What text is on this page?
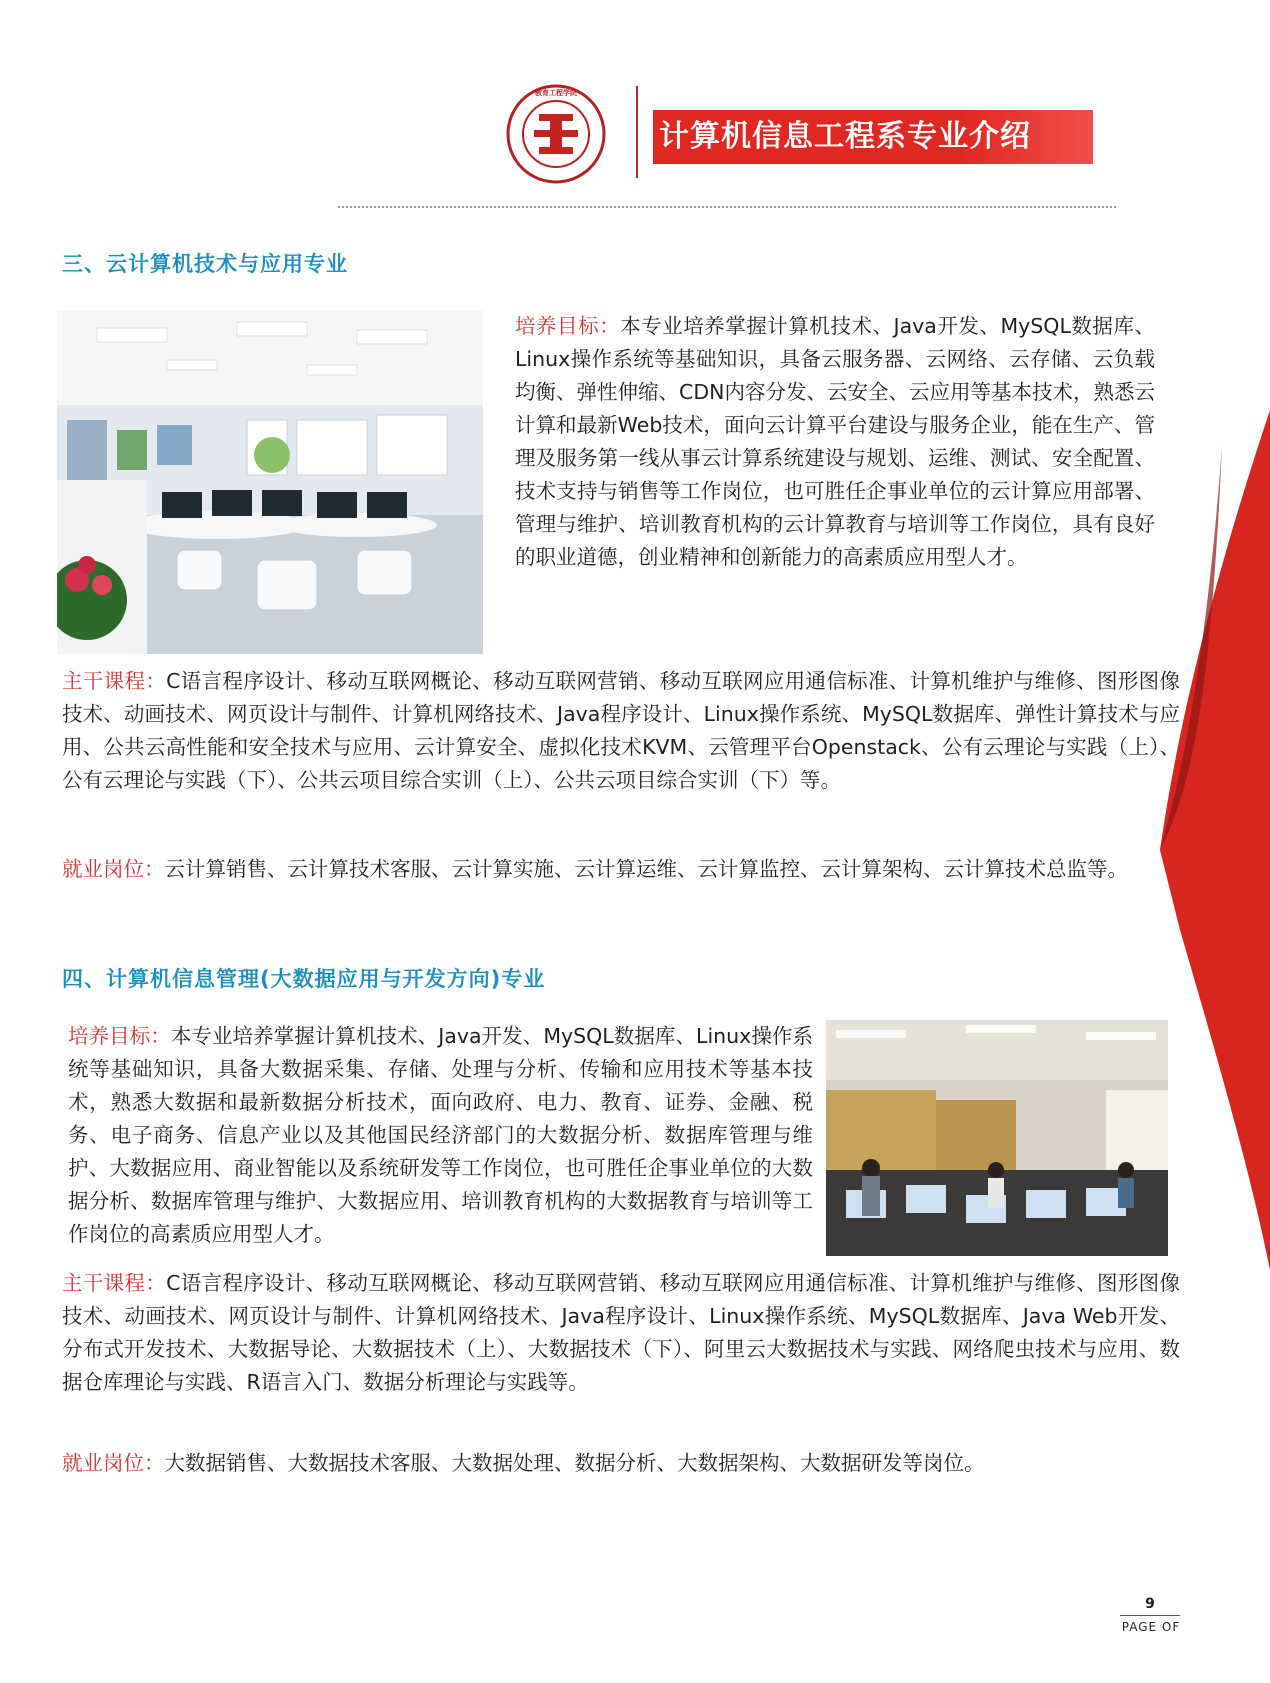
教育工程学院
计算机信息工程系专业介绍
三、云计算机技术与应用专业
培养目标：本专业培养掌握计算机技术、Java开发、MySQL数据库、Linux操作系统等基础知识，具备云服务器、云网络、云存储、云负载均衡、弹性伸缩、CDN内容分发、云安全、云应用等基本技术，熟悉云计算和最新Web技术，面向云计算平台建设与服务企业，能在生产、管理及服务第一线从事云计算系统建设与规划、运维、测试、安全配置、技术支持与销售等工作岗位，也可胜任企事业单位的云计算应用部署、管理与维护、培训教育机构的云计算教育与培训等工作岗位，具有良好的职业道德，创业精神和创新能力的高素质应用型人才。
主干课程：C语言程序设计、移动互联网概论、移动互联网营销、移动互联网应用通信标准、计算机维护与维修、图形图像技术、动画技术、网页设计与制件、计算机网络技术、Java程序设计、Linux操作系统、MySQL数据库、弹性计算技术与应用、公共云高性能和安全技术与应用、云计算安全、虚拟化技术KVM、云管理平台Openstack、公有云理论与实践（上）、公有云理论与实践（下）、公共云项目综合实训（上）、公共云项目综合实训（下）等。
就业岗位：云计算销售、云计算技术客服、云计算实施、云计算运维、云计算监控、云计算架构、云计算技术总监等。
四、计算机信息管理(大数据应用与开发方向)专业
培养目标：本专业培养掌握计算机技术、Java开发、MySQL数据库、Linux操作系统等基础知识，具备大数据采集、存储、处理与分析、传输和应用技术等基本技术，熟悉大数据和最新数据分析技术，面向政府、电力、教育、证券、金融、税务、电子商务、信息产业以及其他国民经济部门的大数据分析、数据库管理与维护、大数据应用、商业智能以及系统研发等工作岗位，也可胜任企事业单位的大数据分析、数据库管理与维护、大数据应用、培训教育机构的大数据教育与培训等工作岗位的高素质应用型人才。
主干课程：C语言程序设计、移动互联网概论、移动互联网营销、移动互联网应用通信标准、计算机维护与维修、图形图像技术、动画技术、网页设计与制件、计算机网络技术、Java程序设计、Linux操作系统、MySQL数据库、Java Web开发、分布式开发技术、大数据导论、大数据技术（上）、大数据技术（下）、阿里云大数据技术与实践、网络爬虫技术与应用、数据仓库理论与实践、R语言入门、数据分析理论与实践等。
就业岗位：大数据销售、大数据技术客服、大数据处理、数据分析、大数据架构、大数据研发等岗位。
9
PAGE OF
